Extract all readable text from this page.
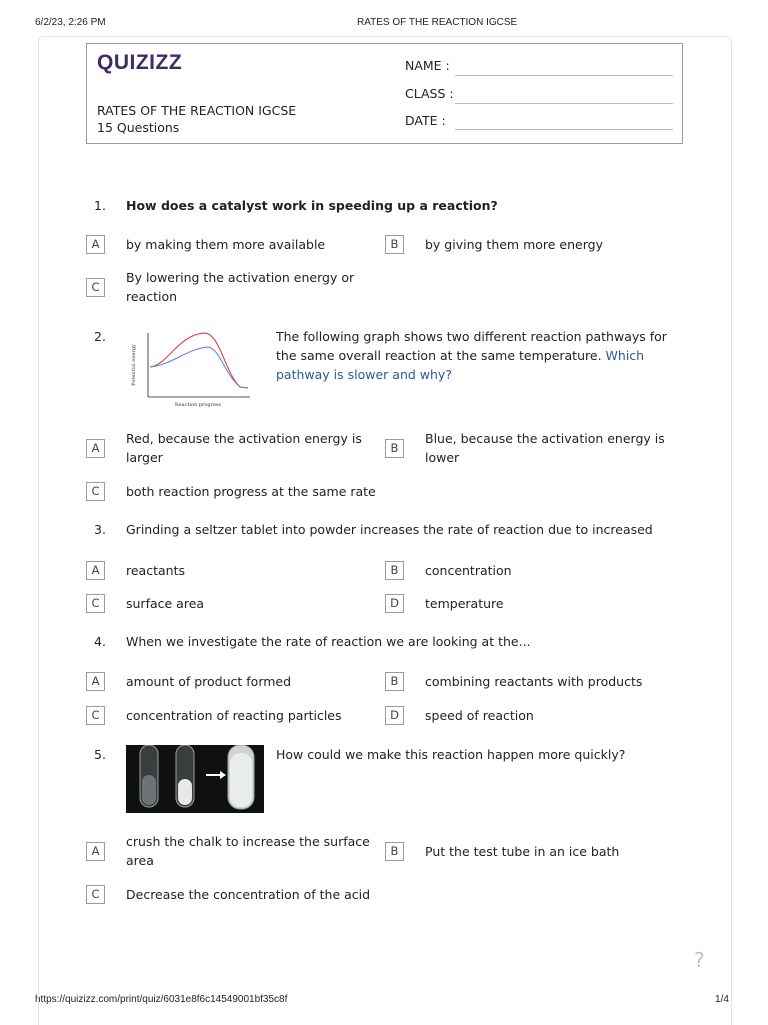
6/2/23, 2:26 PM	RATES OF THE REACTION IGCSE
https://quizizz.com/print/quiz/6031e8f6c14549001bf35c8f	1/4
QUIZIZZ
RATES OF THE REACTION IGCSE
15 Questions
NAME :
CLASS :
DATE :
1. How does a catalyst work in speeding up a reaction?
A	by making them more available	B	by giving them more energy
C
By lowering the activation energy or reaction
2.
Potential energy
Reaction progress
The following graph shows two different reaction pathways for the same overall reaction at the same temperature. Which pathway is slower and why?
A
Red, because the activation energy is larger
B
Blue, because the activation energy is lower
C	both reaction progress at the same rate
3. Grinding a seltzer tablet into powder increases the rate of reaction due to increased
A	reactants	B	concentration
C	surface area	D	temperature
4. When we investigate the rate of reaction we are looking at the...
A	amount of product formed	B	combining reactants with products
C	concentration of reacting particles	D	speed of reaction
5.	How could we make this reaction happen more quickly?
A
crush the chalk to increase the surface area
B	Put the test tube in an ice bath
C	Decrease the concentration of the acid
?
